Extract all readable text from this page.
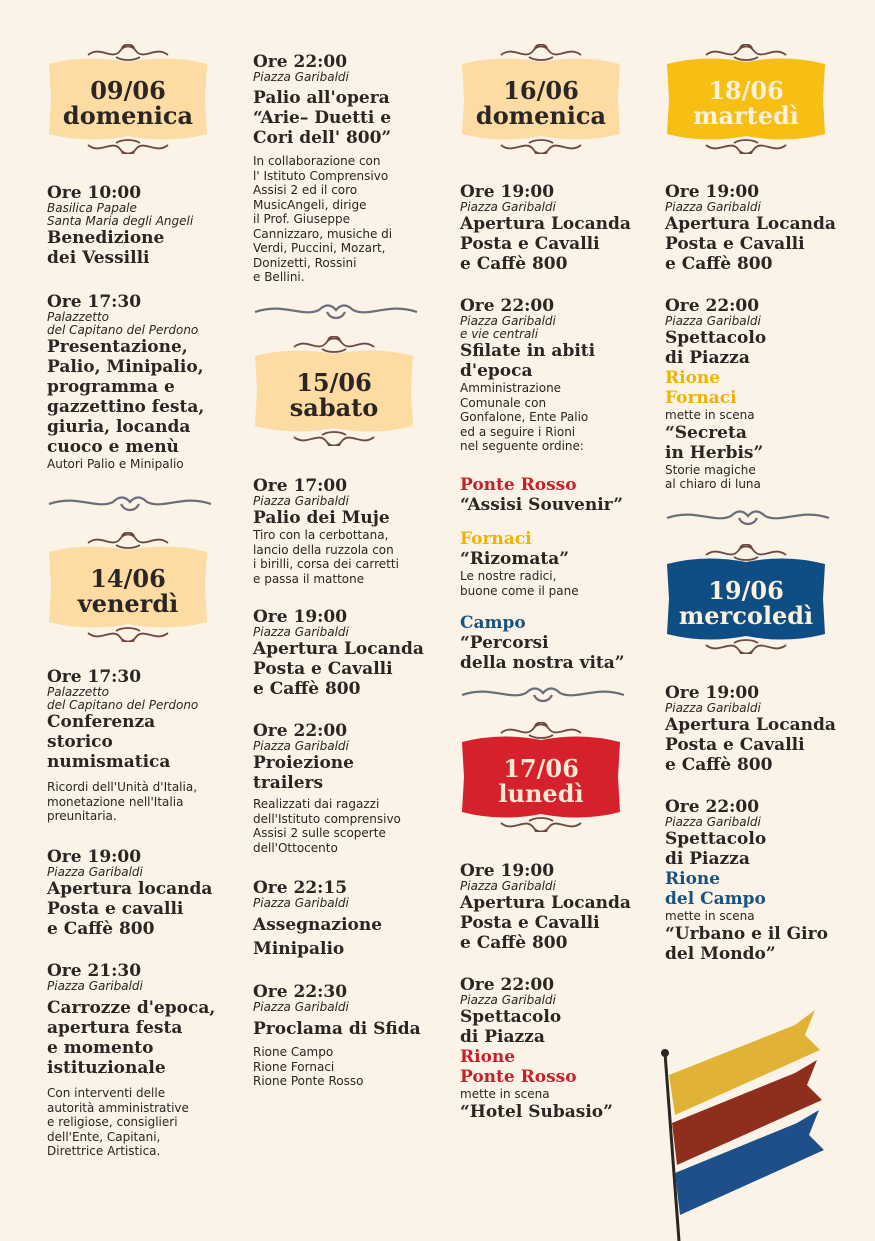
09/06
domenica
Ore 10:00
Basilica Papale
Santa Maria degli Angeli
Benedizione
dei Vessilli
Ore 17:30
Palazzetto
del Capitano del Perdono
Presentazione,
Palio, Minipalio,
programma e
gazzettino festa,
giuria, locanda
cuoco e menù
Autori Palio e Minipalio
14/06
venerdì
Ore 17:30
Palazzetto
del Capitano del Perdono
Conferenza
storico
numismatica
Ricordi dell'Unità d'Italia,
monetazione nell'Italia
preunitaria.
Ore 19:00
Piazza Garibaldi
Apertura locanda
Posta e cavalli
e Caffè 800
Ore 21:30
Piazza Garibaldi
Carrozze d'epoca,
apertura festa
e momento
istituzionale
Con interventi delle
autorità amministrative
e religiose, consiglieri
dell'Ente, Capitani,
Direttrice Artistica.
Ore 22:00
Piazza Garibaldi
Palio all'opera
“Arie– Duetti e
Cori dell' 800”
In collaborazione con
l' Istituto Comprensivo
Assisi 2 ed il coro
MusicAngeli, dirige
il Prof. Giuseppe
Cannizzaro, musiche di
Verdi, Puccini, Mozart,
Donizetti, Rossini
e Bellini.
15/06
sabato
Ore 17:00
Piazza Garibaldi
Palio dei Muje
Tiro con la cerbottana,
lancio della ruzzola con
i birilli, corsa dei carretti
e passa il mattone
Ore 19:00
Piazza Garibaldi
Apertura Locanda
Posta e Cavalli
e Caffè 800
Ore 22:00
Piazza Garibaldi
Proiezione
trailers
Realizzati dai ragazzi
dell'Istituto comprensivo
Assisi 2 sulle scoperte
dell'Ottocento
Ore 22:15
Piazza Garibaldi
Assegnazione
Minipalio
Ore 22:30
Piazza Garibaldi
Proclama di Sfida
Rione Campo
Rione Fornaci
Rione Ponte Rosso
16/06
domenica
Ore 19:00
Piazza Garibaldi
Apertura Locanda
Posta e Cavalli
e Caffè 800
Ore 22:00
Piazza Garibaldi
e vie centrali
Sfilate in abiti
d'epoca
Amministrazione
Comunale con
Gonfalone, Ente Palio
ed a seguire i Rioni
nel seguente ordine:
Ponte Rosso
“Assisi Souvenir”
Fornaci
“Rizomata”
Le nostre radici,
buone come il pane
Campo
“Percorsi
della nostra vita”
17/06
lunedì
Ore 19:00
Piazza Garibaldi
Apertura Locanda
Posta e Cavalli
e Caffè 800
Ore 22:00
Piazza Garibaldi
Spettacolo
di Piazza
Rione
Ponte Rosso
mette in scena
“Hotel Subasio”
18/06
martedì
Ore 19:00
Piazza Garibaldi
Apertura Locanda
Posta e Cavalli
e Caffè 800
Ore 22:00
Piazza Garibaldi
Spettacolo
di Piazza
Rione
Fornaci
mette in scena
“Secreta
in Herbis”
Storie magiche
al chiaro di luna
19/06
mercoledì
Ore 19:00
Piazza Garibaldi
Apertura Locanda
Posta e Cavalli
e Caffè 800
Ore 22:00
Piazza Garibaldi
Spettacolo
di Piazza
Rione
del Campo
mette in scena
“Urbano e il Giro
del Mondo”
